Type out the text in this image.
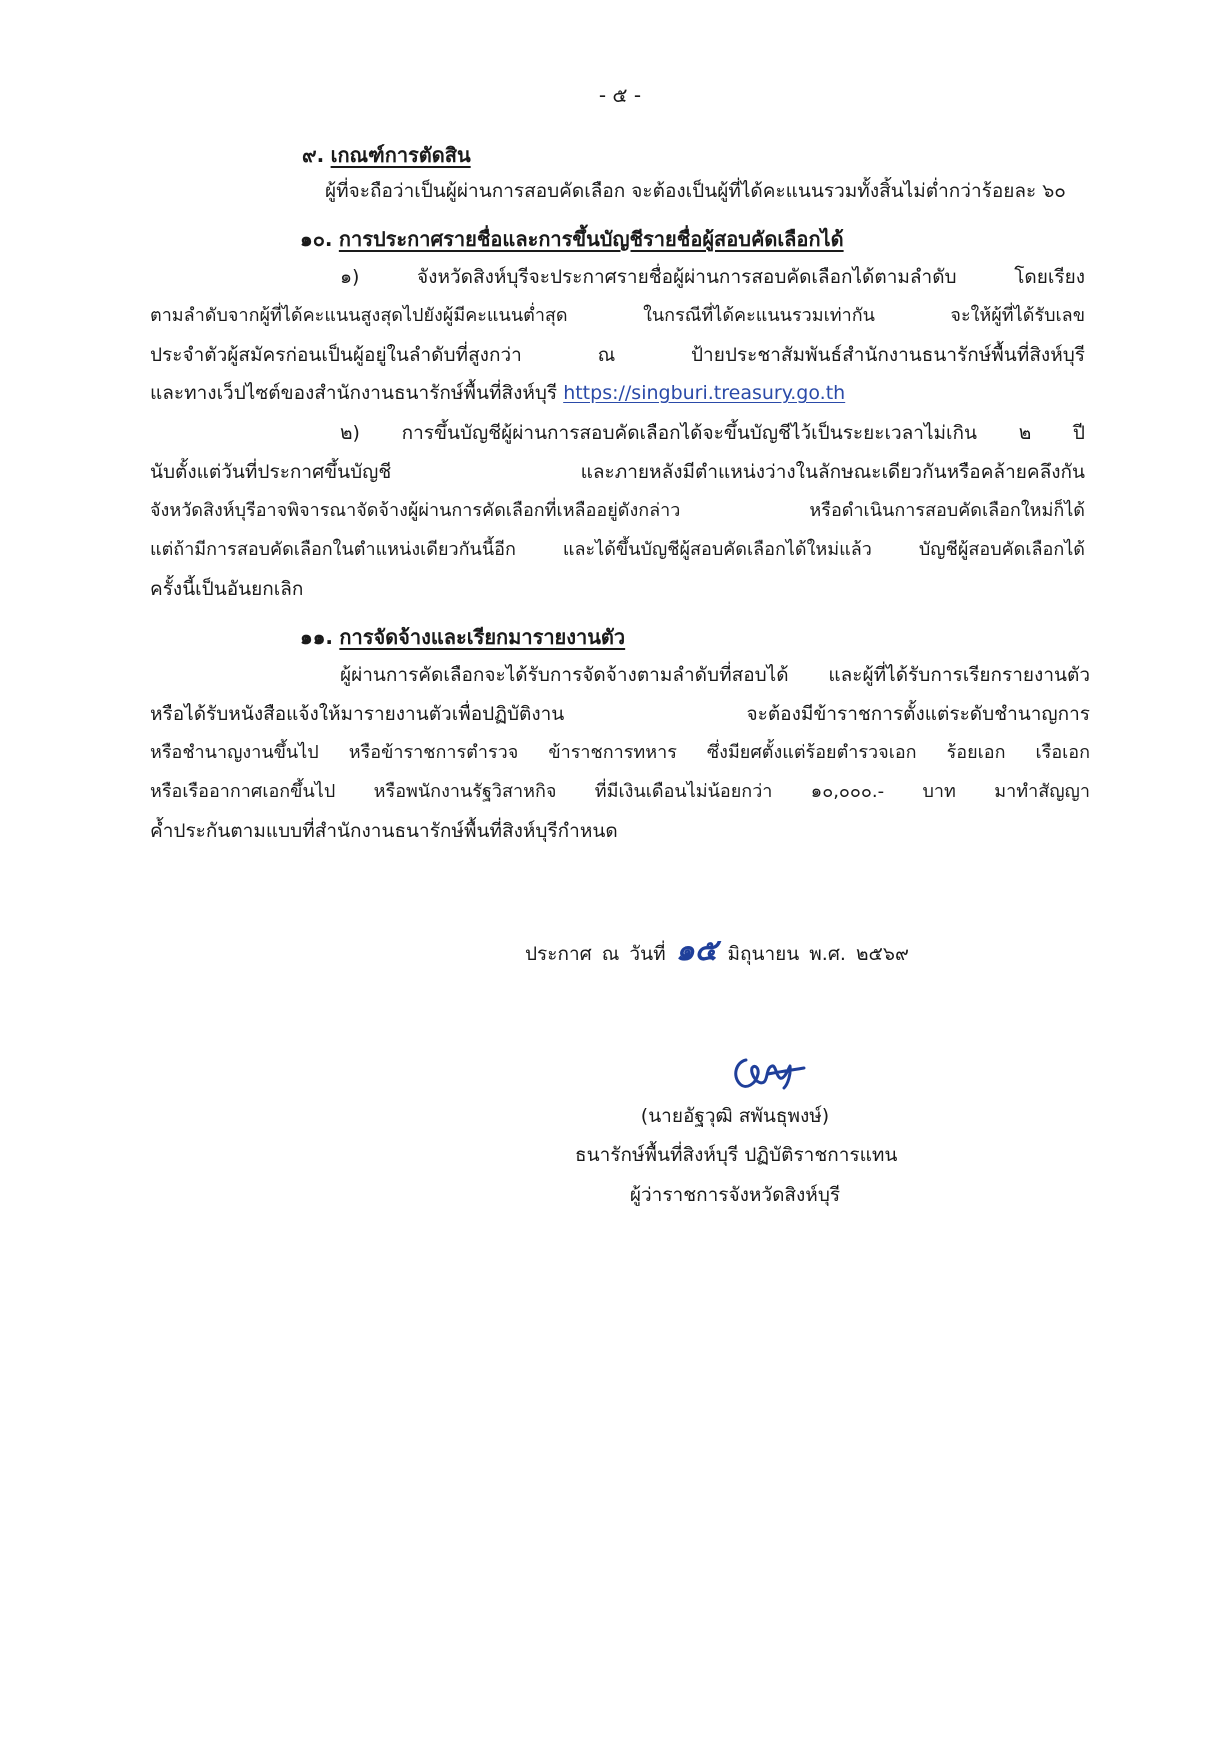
- ๕ -
๙. เกณฑ์การตัดสิน
ผู้ที่จะถือว่าเป็นผู้ผ่านการสอบคัดเลือก จะต้องเป็นผู้ที่ได้คะแนนรวมทั้งสิ้นไม่ต่ำกว่าร้อยละ ๖๐
๑๐. การประกาศรายชื่อและการขึ้นบัญชีรายชื่อผู้สอบคัดเลือกได้
๑) จังหวัดสิงห์บุรีจะประกาศรายชื่อผู้ผ่านการสอบคัดเลือกได้ตามลำดับ โดยเรียง
ตามลำดับจากผู้ที่ได้คะแนนสูงสุดไปยังผู้มีคะแนนต่ำสุด ในกรณีที่ได้คะแนนรวมเท่ากัน จะให้ผู้ที่ได้รับเลข
ประจำตัวผู้สมัครก่อนเป็นผู้อยู่ในลำดับที่สูงกว่า ณ ป้ายประชาสัมพันธ์สำนักงานธนารักษ์พื้นที่สิงห์บุรี
และทางเว็ปไซต์ของสำนักงานธนารักษ์พื้นที่สิงห์บุรี https://singburi.treasury.go.th
๒) การขึ้นบัญชีผู้ผ่านการสอบคัดเลือกได้จะขึ้นบัญชีไว้เป็นระยะเวลาไม่เกิน ๒ ปี
นับตั้งแต่วันที่ประกาศขึ้นบัญชี และภายหลังมีตำแหน่งว่างในลักษณะเดียวกันหรือคล้ายคลึงกัน
จังหวัดสิงห์บุรีอาจพิจารณาจัดจ้างผู้ผ่านการคัดเลือกที่เหลืออยู่ดังกล่าว หรือดำเนินการสอบคัดเลือกใหม่ก็ได้
แต่ถ้ามีการสอบคัดเลือกในตำแหน่งเดียวกันนี้อีก และได้ขึ้นบัญชีผู้สอบคัดเลือกได้ใหม่แล้ว บัญชีผู้สอบคัดเลือกได้
ครั้งนี้เป็นอันยกเลิก
๑๑. การจัดจ้างและเรียกมารายงานตัว
ผู้ผ่านการคัดเลือกจะได้รับการจัดจ้างตามลำดับที่สอบได้ และผู้ที่ได้รับการเรียกรายงานตัว
หรือได้รับหนังสือแจ้งให้มารายงานตัวเพื่อปฏิบัติงาน จะต้องมีข้าราชการตั้งแต่ระดับชำนาญการ
หรือชำนาญงานขึ้นไป หรือข้าราชการตำรวจ ข้าราชการทหาร ซึ่งมียศตั้งแต่ร้อยตำรวจเอก ร้อยเอก เรือเอก
หรือเรืออากาศเอกขึ้นไป หรือพนักงานรัฐวิสาหกิจ ที่มีเงินเดือนไม่น้อยกว่า ๑๐,๐๐๐.- บาท มาทำสัญญา
ค้ำประกันตามแบบที่สำนักงานธนารักษ์พื้นที่สิงห์บุรีกำหนด
ประกาศ ณ วันที่ ๑๕ มิถุนายน พ.ศ. ๒๕๖๙
(นายอัฐวุฒิ สพันธุพงษ์)
ธนารักษ์พื้นที่สิงห์บุรี ปฏิบัติราชการแทน
ผู้ว่าราชการจังหวัดสิงห์บุรี
